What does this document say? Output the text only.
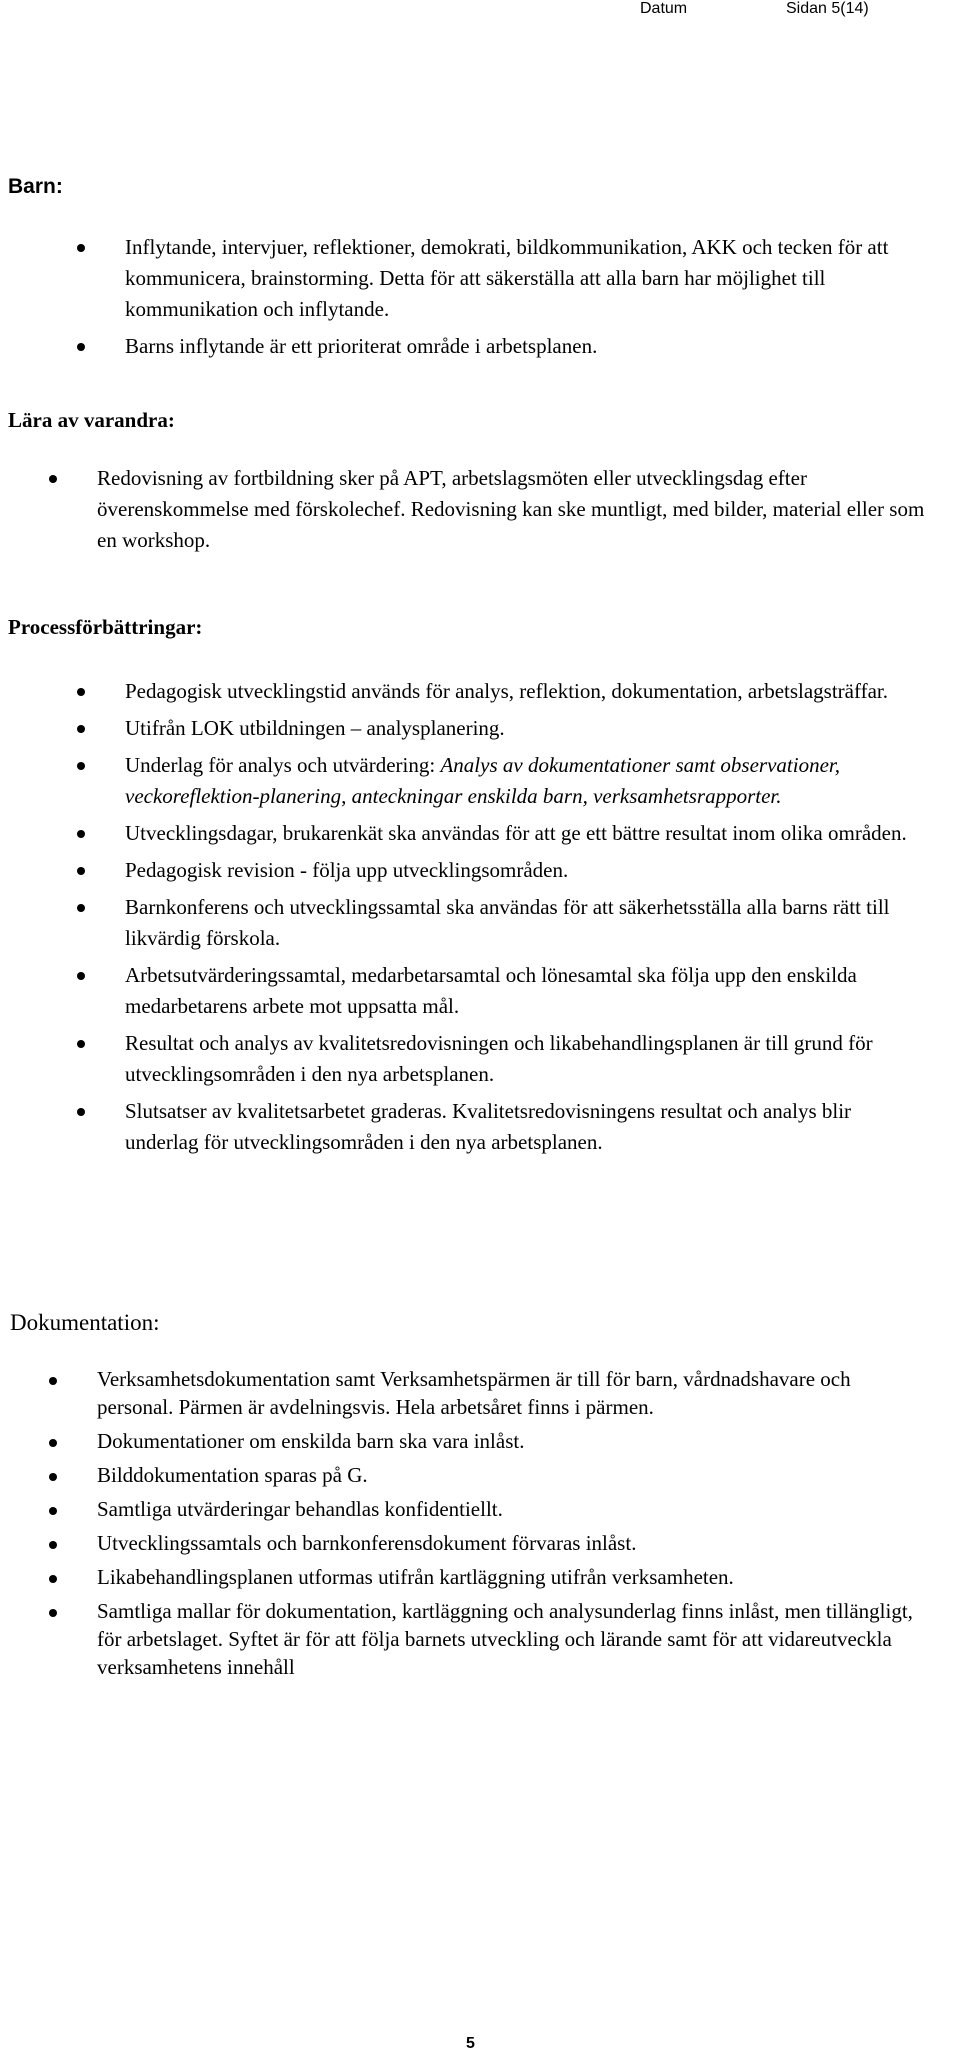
Datum	Sidan 5(14)
Barn:
Inflytande, intervjuer, reflektioner, demokrati, bildkommunikation, AKK och tecken för att kommunicera, brainstorming. Detta för att säkerställa att alla barn har möjlighet till kommunikation och inflytande.
Barns inflytande är ett prioriterat område i arbetsplanen.
Lära av varandra:
Redovisning av fortbildning sker på APT, arbetslagsmöten eller utvecklingsdag efter överenskommelse med förskolechef. Redovisning kan ske muntligt, med bilder, material eller som en workshop.
Processförbättringar:
Pedagogisk utvecklingstid används för analys, reflektion, dokumentation, arbetslagsträffar.
Utifrån LOK utbildningen – analysplanering.
Underlag för analys och utvärdering: Analys av dokumentationer samt observationer, veckoreflektion-planering, anteckningar enskilda barn, verksamhetsrapporter.
Utvecklingsdagar, brukarenkät ska användas för att ge ett bättre resultat inom olika områden.
Pedagogisk revision - följa upp utvecklingsområden.
Barnkonferens och utvecklingssamtal ska användas för att säkerhetsställa alla barns rätt till likvärdig förskola.
Arbetsutvärderingssamtal, medarbetarsamtal och lönesamtal ska följa upp den enskilda medarbetarens arbete mot uppsatta mål.
Resultat och analys av kvalitetsredovisningen och likabehandlingsplanen är till grund för utvecklingsområden i den nya arbetsplanen.
Slutsatser av kvalitetsarbetet graderas. Kvalitetsredovisningens resultat och analys blir underlag för utvecklingsområden i den nya arbetsplanen.
Dokumentation:
Verksamhetsdokumentation samt Verksamhetspärmen är till för barn, vårdnadshavare och personal. Pärmen är avdelningsvis. Hela arbetsåret finns i pärmen.
Dokumentationer om enskilda barn ska vara inlåst.
Bilddokumentation sparas på G.
Samtliga utvärderingar behandlas konfidentiellt.
Utvecklingssamtals och barnkonferensdokument förvaras inlåst.
Likabehandlingsplanen utformas utifrån kartläggning utifrån verksamheten.
Samtliga mallar för dokumentation, kartläggning och analysunderlag finns inlåst, men tillängligt, för arbetslaget. Syftet är för att följa barnets utveckling och lärande samt för att vidareutveckla verksamhetens innehåll
5
